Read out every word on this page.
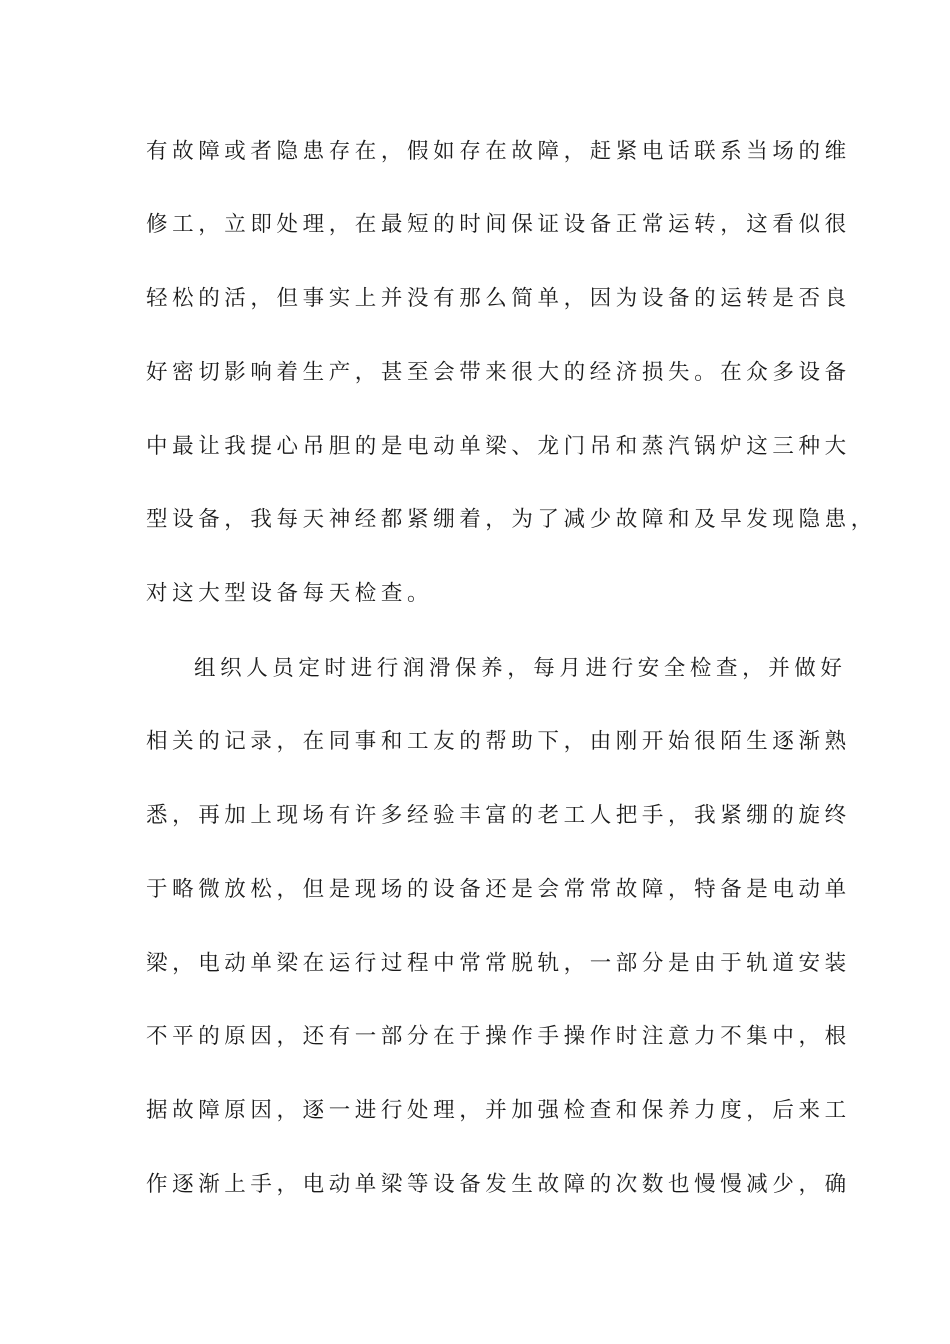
有故障或者隐患存在，假如存在故障，赶紧电话联系当场的维
修工，立即处理，在最短的时间保证设备正常运转，这看似很
轻松的活，但事实上并没有那么简单，因为设备的运转是否良
好密切影响着生产，甚至会带来很大的经济损失。在众多设备
中最让我提心吊胆的是电动单梁、龙门吊和蒸汽锅炉这三种大
型设备，我每天神经都紧绷着，为了减少故障和及早发现隐患，
对这大型设备每天检查。
组织人员定时进行润滑保养，每月进行安全检查，并做好
相关的记录，在同事和工友的帮助下，由刚开始很陌生逐渐熟
悉，再加上现场有许多经验丰富的老工人把手，我紧绷的旋终
于略微放松，但是现场的设备还是会常常故障，特备是电动单
梁，电动单梁在运行过程中常常脱轨，一部分是由于轨道安装
不平的原因，还有一部分在于操作手操作时注意力不集中，根
据故障原因，逐一进行处理，并加强检查和保养力度，后来工
作逐渐上手，电动单梁等设备发生故障的次数也慢慢减少，确
